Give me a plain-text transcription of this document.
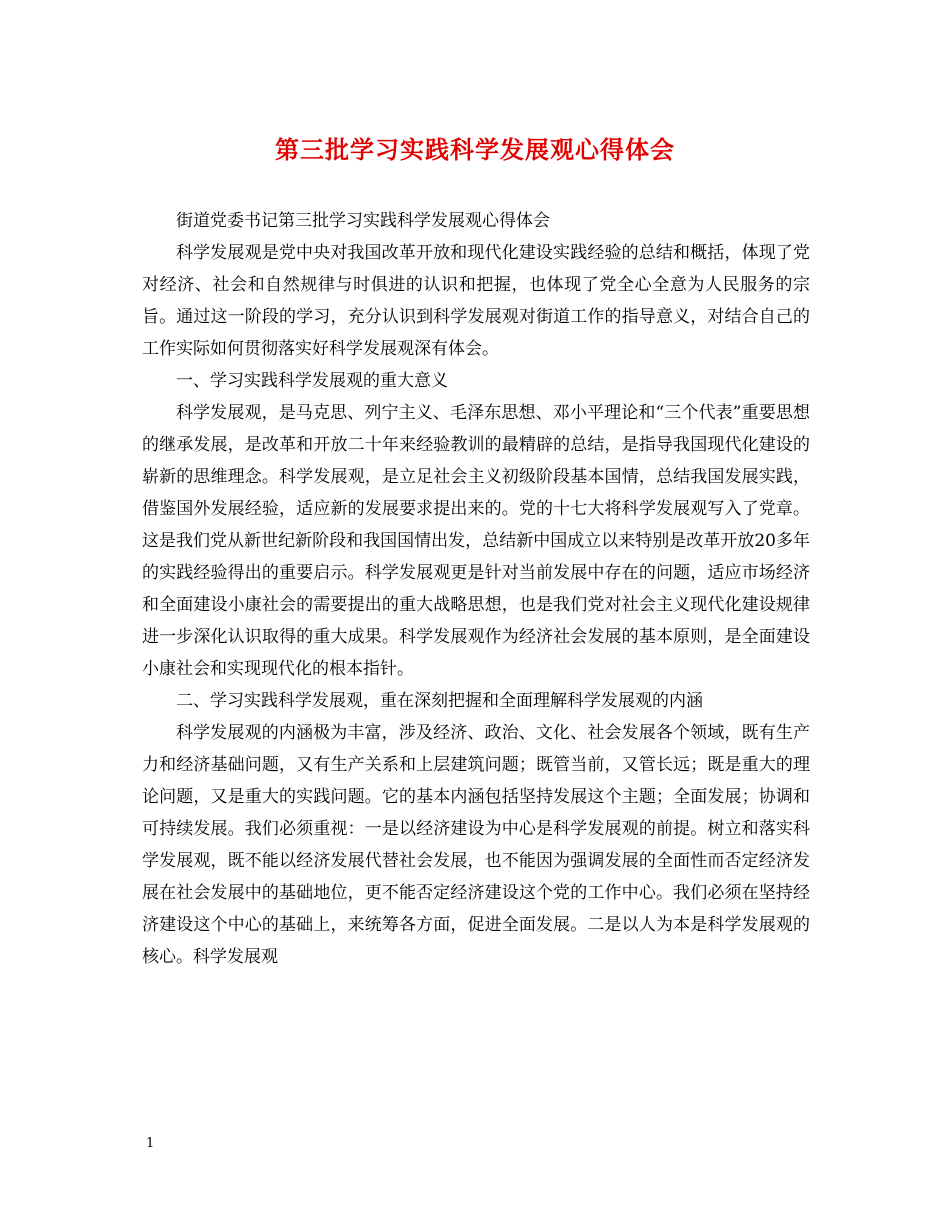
第三批学习实践科学发展观心得体会

街道党委书记第三批学习实践科学发展观心得体会

科学发展观是党中央对我国改革开放和现代化建设实践经验的总结和概括，体现了党对经济、社会和自然规律与时俱进的认识和把握，也体现了党全心全意为人民服务的宗旨。通过这一阶段的学习，充分认识到科学发展观对街道工作的指导意义，对结合自己的工作实际如何贯彻落实好科学发展观深有体会。

一、学习实践科学发展观的重大意义

科学发展观，是马克思、列宁主义、毛泽东思想、邓小平理论和“三个代表”重要思想的继承发展，是改革和开放二十年来经验教训的最精辟的总结，是指导我国现代化建设的崭新的思维理念。科学发展观，是立足社会主义初级阶段基本国情，总结我国发展实践，借鉴国外发展经验，适应新的发展要求提出来的。党的十七大将科学发展观写入了党章。这是我们党从新世纪新阶段和我国国情出发，总结新中国成立以来特别是改革开放20多年的实践经验得出的重要启示。科学发展观更是针对当前发展中存在的问题，适应市场经济和全面建设小康社会的需要提出的重大战略思想，也是我们党对社会主义现代化建设规律进一步深化认识取得的重大成果。科学发展观作为经济社会发展的基本原则，是全面建设小康社会和实现现代化的根本指针。

二、学习实践科学发展观，重在深刻把握和全面理解科学发展观的内涵

科学发展观的内涵极为丰富，涉及经济、政治、文化、社会发展各个领域，既有生产力和经济基础问题，又有生产关系和上层建筑问题；既管当前，又管长远；既是重大的理论问题，又是重大的实践问题。它的基本内涵包括坚持发展这个主题；全面发展；协调和可持续发展。我们必须重视：一是以经济建设为中心是科学发展观的前提。树立和落实科学发展观，既不能以经济发展代替社会发展，也不能因为强调发展的全面性而否定经济发展在社会发展中的基础地位，更不能否定经济建设这个党的工作中心。我们必须在坚持经济建设这个中心的基础上，来统筹各方面，促进全面发展。二是以人为本是科学发展观的核心。科学发展观

1
